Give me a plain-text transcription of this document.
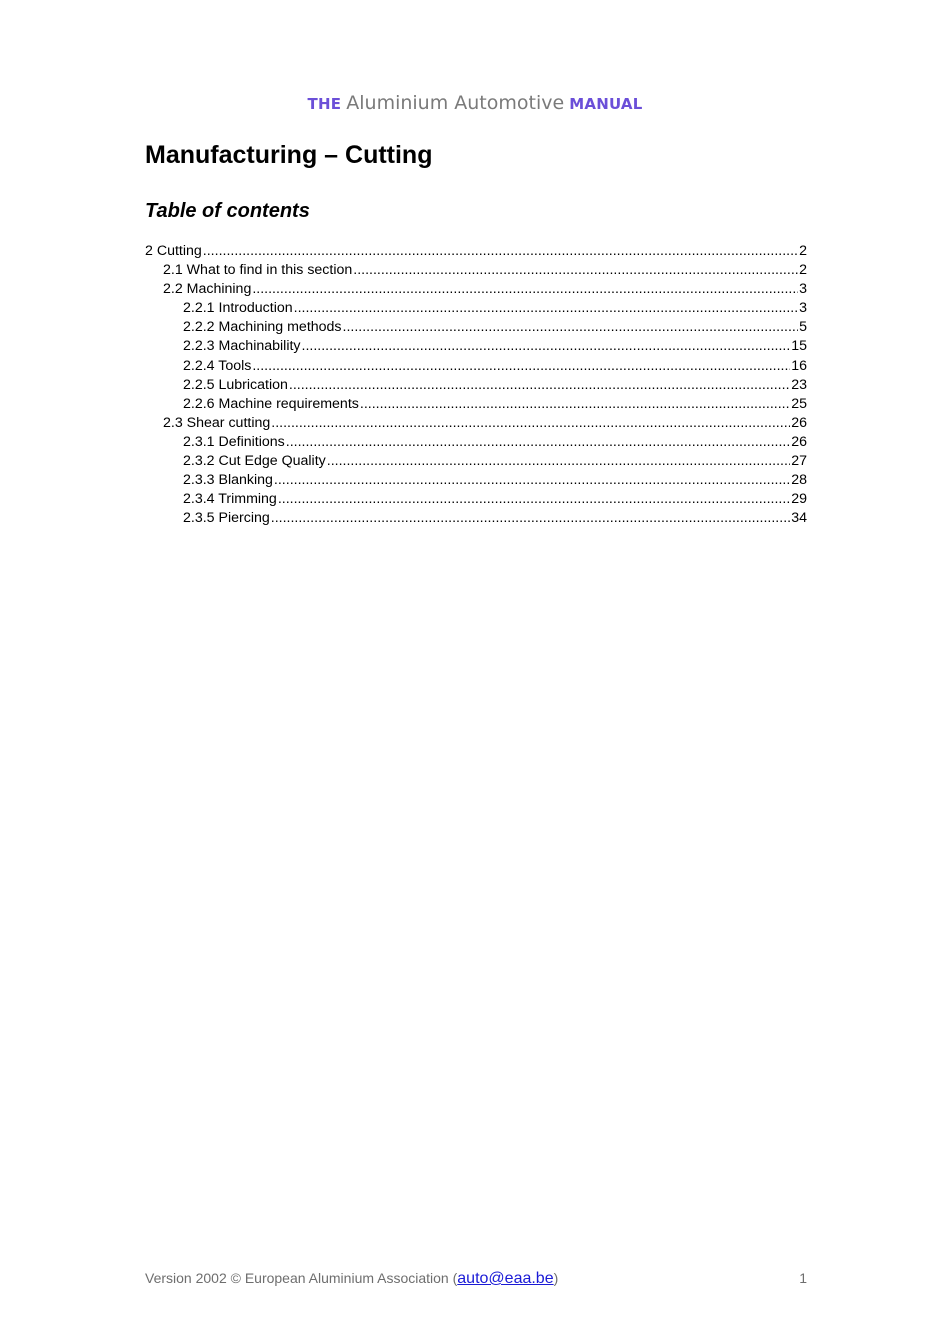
THE Aluminium Automotive MANUAL
Manufacturing – Cutting
Table of contents
2 Cutting .....	2
2.1 What to find in this section .....	2
2.2 Machining .....	3
2.2.1 Introduction .....	3
2.2.2 Machining methods .....	5
2.2.3 Machinability .....	15
2.2.4 Tools .....	16
2.2.5 Lubrication .....	23
2.2.6 Machine requirements .....	25
2.3 Shear cutting .....	26
2.3.1 Definitions .....	26
2.3.2 Cut Edge Quality .....	27
2.3.3 Blanking .....	28
2.3.4 Trimming .....	29
2.3.5 Piercing .....	34
Version 2002 © European Aluminium Association (auto@eaa.be)	1
